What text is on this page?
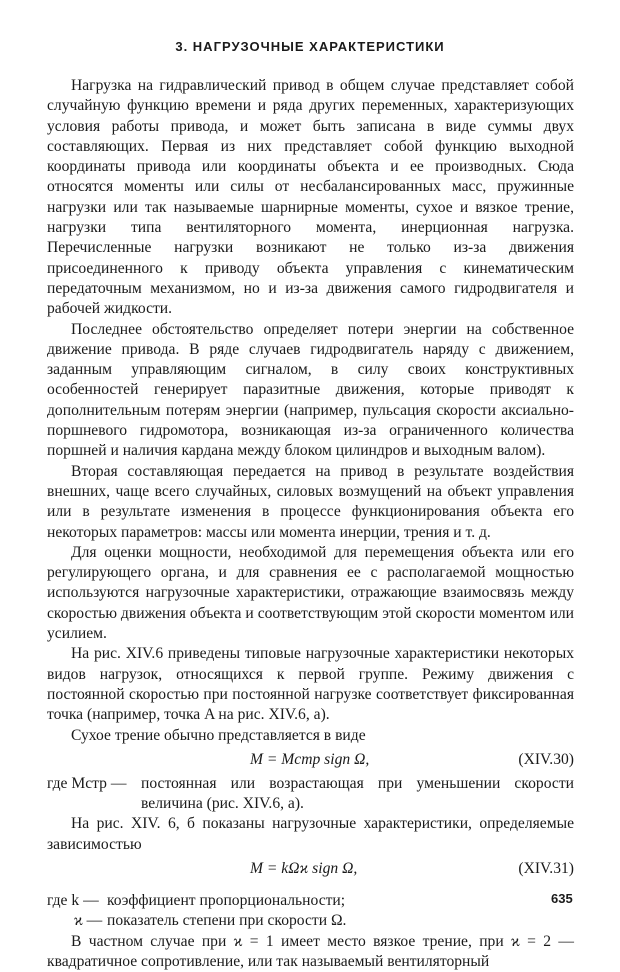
3. НАГРУЗОЧНЫЕ ХАРАКТЕРИСТИКИ

Нагрузка на гидравлический привод в общем случае представляет собой случайную функцию времени и ряда других переменных, характеризующих условия работы привода, и может быть записана в виде суммы двух составляющих. Первая из них представляет собой функцию выходной координаты привода или координаты объекта и ее производных. Сюда относятся моменты или силы от несбалансированных масс, пружинные нагрузки или так называемые шарнирные моменты, сухое и вязкое трение, нагрузки типа вентиляторного момента, инерционная нагрузка. Перечисленные нагрузки возникают не только из-за движения присоединенного к приводу объекта управления с кинематическим передаточным механизмом, но и из-за движения самого гидродвигателя и рабочей жидкости.

Последнее обстоятельство определяет потери энергии на собственное движение привода. В ряде случаев гидродвигатель наряду с движением, заданным управляющим сигналом, в силу своих конструктивных особенностей генерирует паразитные движения, которые приводят к дополнительным потерям энергии (например, пульсация скорости аксиально-поршневого гидромотора, возникающая из-за ограниченного количества поршней и наличия кардана между блоком цилиндров и выходным валом).

Вторая составляющая передается на привод в результате воздействия внешних, чаще всего случайных, силовых возмущений на объект управления или в результате изменения в процессе функционирования объекта его некоторых параметров: массы или момента инерции, трения и т. д.

Для оценки мощности, необходимой для перемещения объекта или его регулирующего органа, и для сравнения ее с располагаемой мощностью используются нагрузочные характеристики, отражающие взаимосвязь между скоростью движения объекта и соответствующим этой скорости моментом или усилием.

На рис. XIV.6 приведены типовые нагрузочные характеристики некоторых видов нагрузок, относящихся к первой группе. Режиму движения с постоянной скоростью при постоянной нагрузке соответствует фиксированная точка (например, точка A на рис. XIV.6, a).

Сухое трение обычно представляется в виде

M = Mстр sign Ω,	(XIV.30)
где Mстр — постоянная или возрастающая при уменьшении скорости величина (рис. XIV.6, a).

На рис. XIV. 6, б показаны нагрузочные характеристики, определяемые зависимостью

M = kΩϰ sign Ω,	(XIV.31)
где k — коэффициент пропорциональности;
ϰ — показатель степени при скорости Ω.

В частном случае при ϰ = 1 имеет место вязкое трение, при ϰ = 2 — квадратичное сопротивление, или так называемый вентиляторный

635
